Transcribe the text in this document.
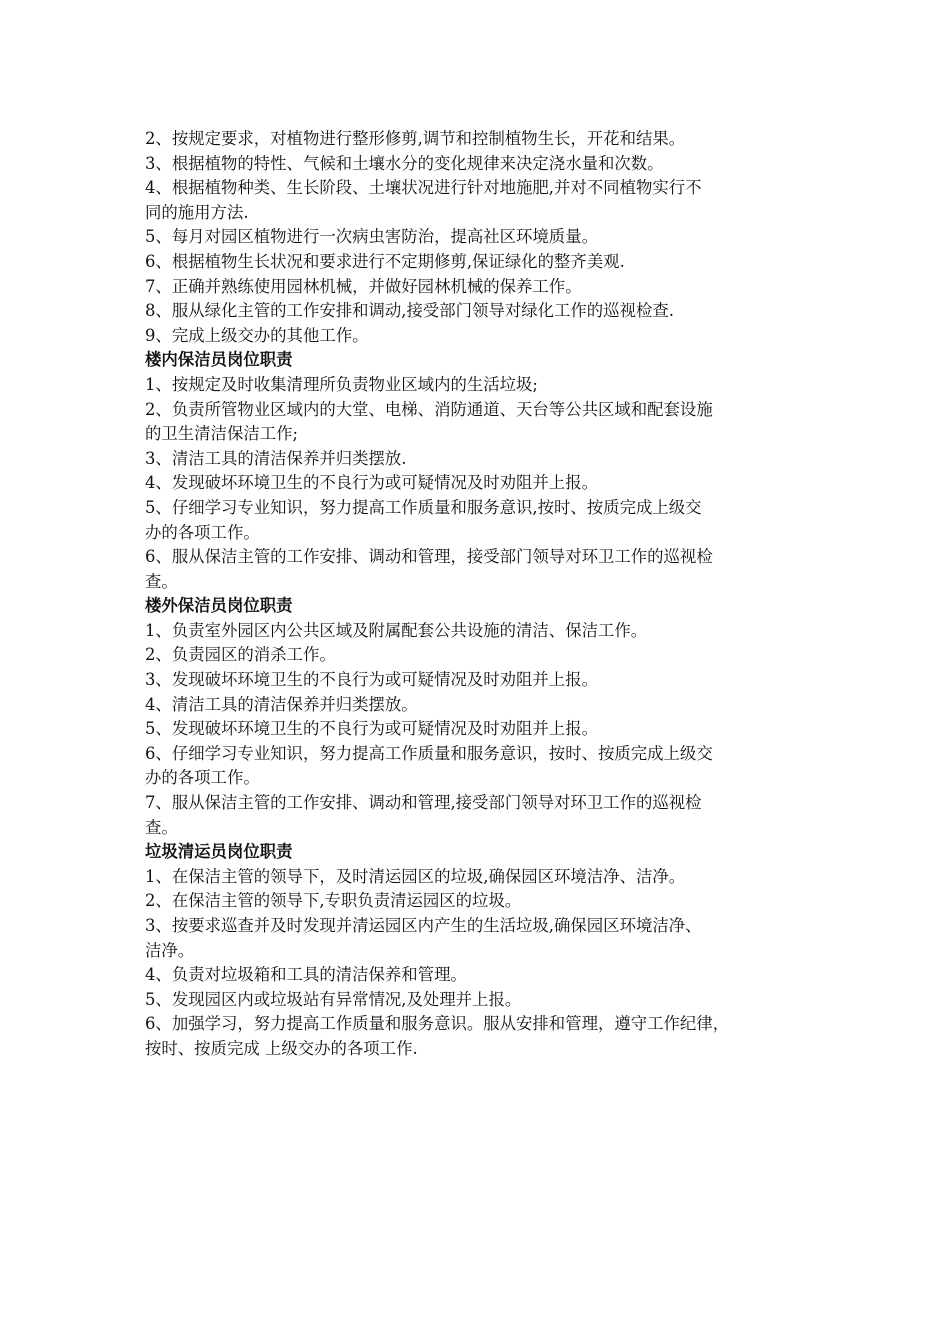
2、按规定要求，对植物进行整形修剪,调节和控制植物生长，开花和结果。

3、根据植物的特性、气候和土壤水分的变化规律来决定浇水量和次数。

4、根据植物种类、生长阶段、土壤状况进行针对地施肥,并对不同植物实行不

同的施用方法.

5、每月对园区植物进行一次病虫害防治，提高社区环境质量。

6、根据植物生长状况和要求进行不定期修剪,保证绿化的整齐美观.

7、正确并熟练使用园林机械，并做好园林机械的保养工作。

8、服从绿化主管的工作安排和调动,接受部门领导对绿化工作的巡视检查.

9、完成上级交办的其他工作。

楼内保洁员岗位职责

1、按规定及时收集清理所负责物业区域内的生活垃圾;

2、负责所管物业区域内的大堂、电梯、消防通道、天台等公共区域和配套设施

的卫生清洁保洁工作;

3、清洁工具的清洁保养并归类摆放.

4、发现破坏环境卫生的不良行为或可疑情况及时劝阻并上报。

5、仔细学习专业知识，努力提高工作质量和服务意识,按时、按质完成上级交

办的各项工作。

6、服从保洁主管的工作安排、调动和管理，接受部门领导对环卫工作的巡视检

查。

楼外保洁员岗位职责

1、负责室外园区内公共区域及附属配套公共设施的清洁、保洁工作。

2、负责园区的消杀工作。

3、发现破坏环境卫生的不良行为或可疑情况及时劝阻并上报。

4、清洁工具的清洁保养并归类摆放。

5、发现破坏环境卫生的不良行为或可疑情况及时劝阻并上报。

6、仔细学习专业知识，努力提高工作质量和服务意识，按时、按质完成上级交

办的各项工作。

7、服从保洁主管的工作安排、调动和管理,接受部门领导对环卫工作的巡视检

查。

垃圾清运员岗位职责

1、在保洁主管的领导下，及时清运园区的垃圾,确保园区环境洁净、洁净。

2、在保洁主管的领导下,专职负责清运园区的垃圾。

3、按要求巡查并及时发现并清运园区内产生的生活垃圾,确保园区环境洁净、

洁净。

4、负责对垃圾箱和工具的清洁保养和管理。

5、发现园区内或垃圾站有异常情况,及处理并上报。

6、加强学习，努力提高工作质量和服务意识。服从安排和管理，遵守工作纪律，

按时、按质完成 上级交办的各项工作.
